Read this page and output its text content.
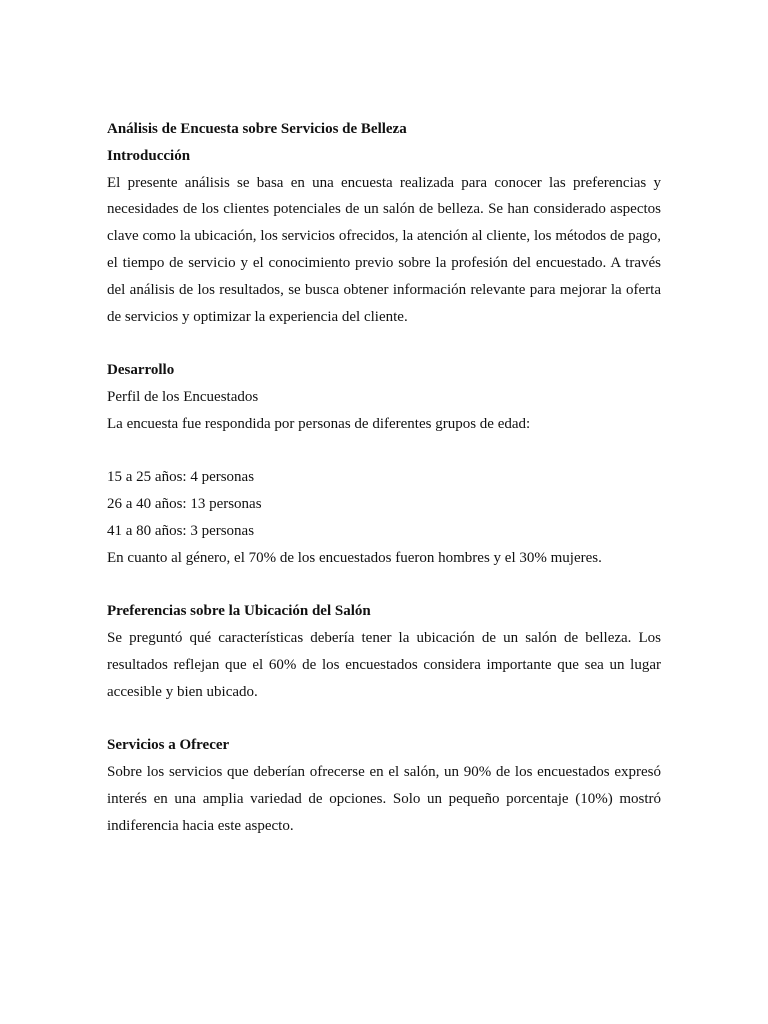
Análisis de Encuesta sobre Servicios de Belleza
Introducción
El presente análisis se basa en una encuesta realizada para conocer las preferencias y necesidades de los clientes potenciales de un salón de belleza. Se han considerado aspectos clave como la ubicación, los servicios ofrecidos, la atención al cliente, los métodos de pago, el tiempo de servicio y el conocimiento previo sobre la profesión del encuestado. A través del análisis de los resultados, se busca obtener información relevante para mejorar la oferta de servicios y optimizar la experiencia del cliente.
Desarrollo
Perfil de los Encuestados
La encuesta fue respondida por personas de diferentes grupos de edad:
15 a 25 años: 4 personas
26 a 40 años: 13 personas
41 a 80 años: 3 personas
En cuanto al género, el 70% de los encuestados fueron hombres y el 30% mujeres.
Preferencias sobre la Ubicación del Salón
Se preguntó qué características debería tener la ubicación de un salón de belleza. Los resultados reflejan que el 60% de los encuestados considera importante que sea un lugar accesible y bien ubicado.
Servicios a Ofrecer
Sobre los servicios que deberían ofrecerse en el salón, un 90% de los encuestados expresó interés en una amplia variedad de opciones. Solo un pequeño porcentaje (10%) mostró indiferencia hacia este aspecto.
